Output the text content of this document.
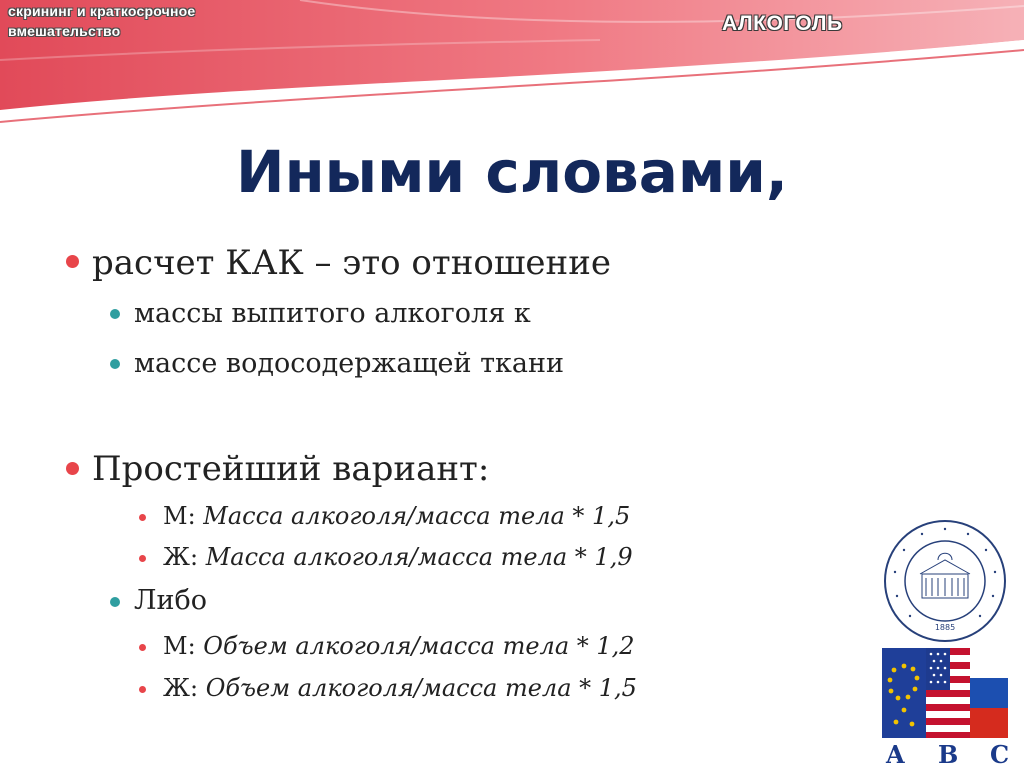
скрининг и краткосрочное
вмешательство	АЛКОГОЛЬ
Иными словами,
расчет КАК – это отношение
массы выпитого алкоголя к
массе водосодержащей ткани
Простейший вариант:
М: Масса алкоголя/масса тела * 1,5
Ж: Масса алкоголя/масса тела * 1,9
Либо
М: Объем алкоголя/масса тела * 1,2
Ж: Объем алкоголя/масса тела * 1,5
1885
A B C
